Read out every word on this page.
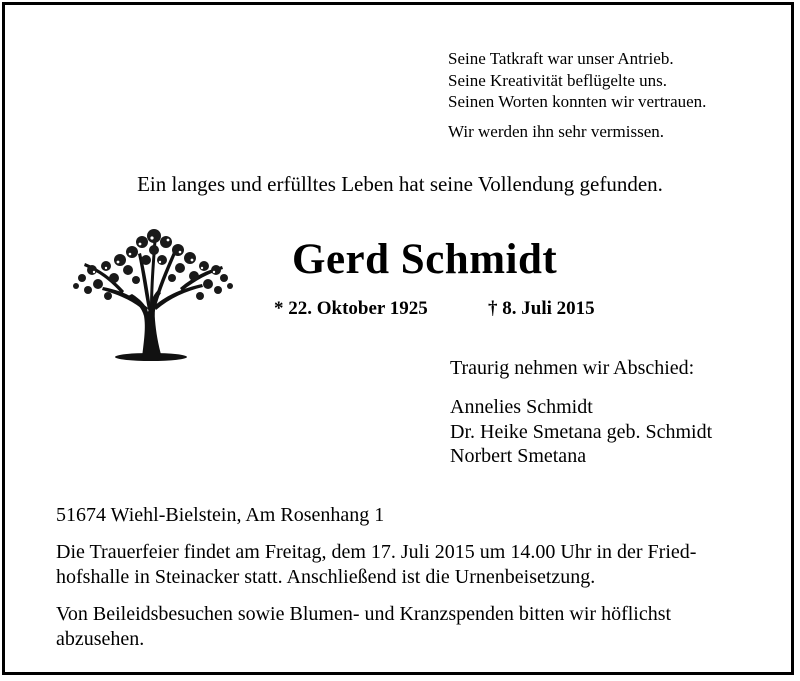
Seine Tatkraft war unser Antrieb.
Seine Kreativität beflügelte uns.
Seinen Worten konnten wir vertrauen.
Wir werden ihn sehr vermissen.
Ein langes und erfülltes Leben hat seine Vollendung gefunden.
Gerd Schmidt
* 22. Oktober 1925	† 8. Juli 2015
Traurig nehmen wir Abschied:
Annelies Schmidt
Dr. Heike Smetana geb. Schmidt
Norbert Smetana
51674 Wiehl-Bielstein, Am Rosenhang 1
Die Trauerfeier findet am Freitag, dem 17. Juli 2015 um 14.00 Uhr in der Fried-
hofshalle in Steinacker statt. Anschließend ist die Urnenbeisetzung.
Von Beileidsbesuchen sowie Blumen- und Kranzspenden bitten wir höflichst
abzusehen.
